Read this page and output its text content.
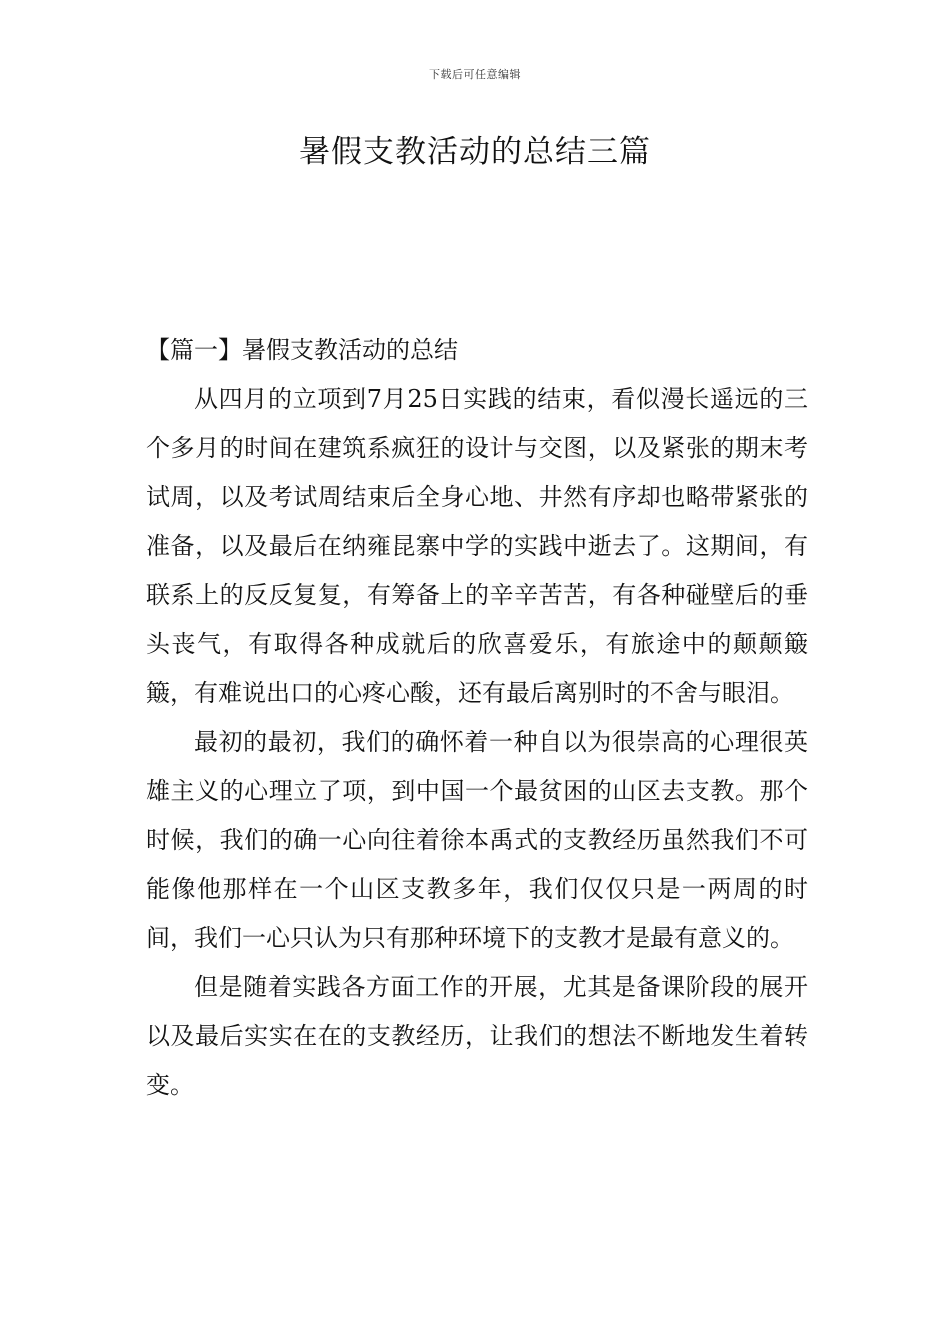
下载后可任意编辑
暑假支教活动的总结三篇

【篇一】暑假支教活动的总结

从四月的立项到7月25日实践的结束，看似漫长遥远的三个多月的时间在建筑系疯狂的设计与交图，以及紧张的期末考试周，以及考试周结束后全身心地、井然有序却也略带紧张的准备，以及最后在纳雍昆寨中学的实践中逝去了。这期间，有联系上的反反复复，有筹备上的辛辛苦苦，有各种碰壁后的垂头丧气，有取得各种成就后的欣喜爱乐，有旅途中的颠颠簸簸，有难说出口的心疼心酸，还有最后离别时的不舍与眼泪。

最初的最初，我们的确怀着一种自以为很崇高的心理很英雄主义的心理立了项，到中国一个最贫困的山区去支教。那个时候，我们的确一心向往着徐本禹式的支教经历虽然我们不可能像他那样在一个山区支教多年，我们仅仅只是一两周的时间，我们一心只认为只有那种环境下的支教才是最有意义的。

但是随着实践各方面工作的开展，尤其是备课阶段的展开以及最后实实在在的支教经历，让我们的想法不断地发生着转变。
